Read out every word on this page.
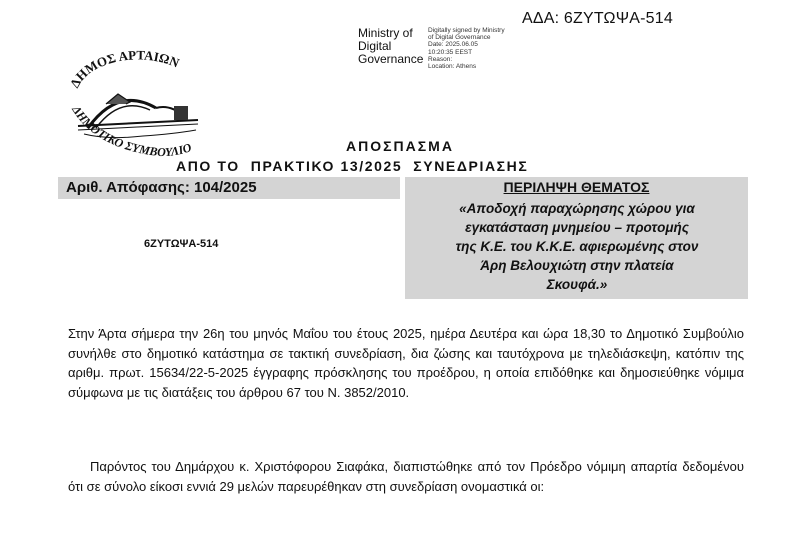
ΑΔΑ: 6ΖΥΤΩΨΑ-514
Ministry of
Digital
Governance
Digitally signed by Ministry
of Digital Governance
Date: 2025.06.05
10:20:35 EEST
Reason:
Location: Athens
ΔΗΜΟΣ ΑΡΤΑΙΩΝ
ΔΗΜΟΤΙΚΟ ΣΥΜΒΟΥΛΙΟ	ΑΠΟΣΠΑΣΜΑ
ΑΠΟ ΤΟ  ΠΡΑΚΤΙΚΟ 13/2025  ΣΥΝΕΔΡΙΑΣΗΣ
Αριθ. Απόφασης: 104/2025
6ΖΥΤΩΨΑ-514
ΠΕΡΙΛΗΨΗ ΘΕΜΑΤΟΣ
«Αποδοχή παραχώρησης χώρου για
εγκατάσταση μνημείου – προτομής
της Κ.Ε. του Κ.Κ.Ε. αφιερωμένης στον
Άρη Βελουχιώτη στην πλατεία
Σκουφά.»
Στην Άρτα σήμερα την 26η του μηνός Μαΐου του έτους 2025, ημέρα Δευτέρα και ώρα 18,30 το Δημοτικό Συμβούλιο συνήλθε στο δημοτικό κατάστημα σε τακτική συνεδρίαση, δια ζώσης και ταυτόχρονα με τηλεδιάσκεψη, κατόπιν της αριθμ. πρωτ. 15634/22-5-2025 έγγραφης πρόσκλησης του προέδρου, η οποία επιδόθηκε και δημοσιεύθηκε νόμιμα σύμφωνα με τις διατάξεις του άρθρου 67 του Ν. 3852/2010.
Παρόντος του Δημάρχου κ. Χριστόφορου Σιαφάκα, διαπιστώθηκε από τον Πρόεδρο νόμιμη απαρτία δεδομένου ότι σε σύνολο είκοσι εννιά 29 μελών παρευρέθηκαν στη συνεδρίαση ονομαστικά οι:
